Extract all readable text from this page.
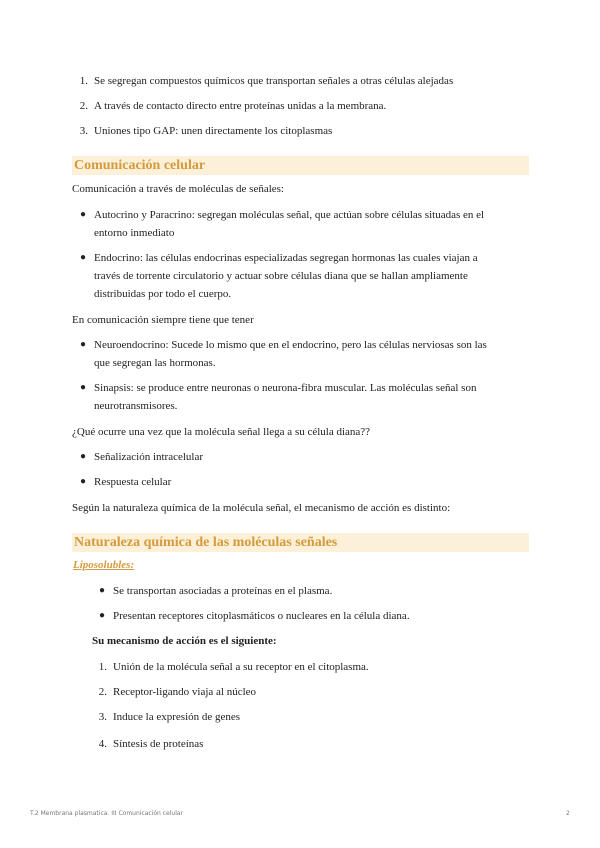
1. Se segregan compuestos químicos que transportan señales a otras células alejadas
2. A través de contacto directo entre proteínas unidas a la membrana.
3. Uniones tipo GAP: unen directamente los citoplasmas
Comunicación celular
Comunicación a través de moléculas de señales:
● Autocrino y Paracrino: segregan moléculas señal, que actúan sobre células situadas en el
entorno inmediato
● Endocrino: las células endocrinas especializadas segregan hormonas las cuales viajan a
través de torrente circulatorio y actuar sobre células diana que se hallan ampliamente
distribuidas por todo el cuerpo.
En comunicación siempre tiene que tener
● Neuroendocrino: Sucede lo mismo que en el endocrino, pero las células nerviosas son las
que segregan las hormonas.
● Sinapsis: se produce entre neuronas o neurona-fibra muscular. Las moléculas señal son
neurotransmisores.
¿Qué ocurre una vez que la molécula señal llega a su célula diana??
● Señalización intracelular
● Respuesta celular
Según la naturaleza química de la molécula señal, el mecanismo de acción es distinto:
Naturaleza química de las moléculas señales
Liposolubles:
● Se transportan asociadas a proteínas en el plasma.
● Presentan receptores citoplasmáticos o nucleares en la célula diana.
Su mecanismo de acción es el siguiente:
1. Unión de la molécula señal a su receptor en el citoplasma.
2. Receptor-ligando viaja al núcleo
3. Induce la expresión de genes
4. Síntesis de proteínas
T.2 Membrana plasmatica. III Comunicación celular	2
